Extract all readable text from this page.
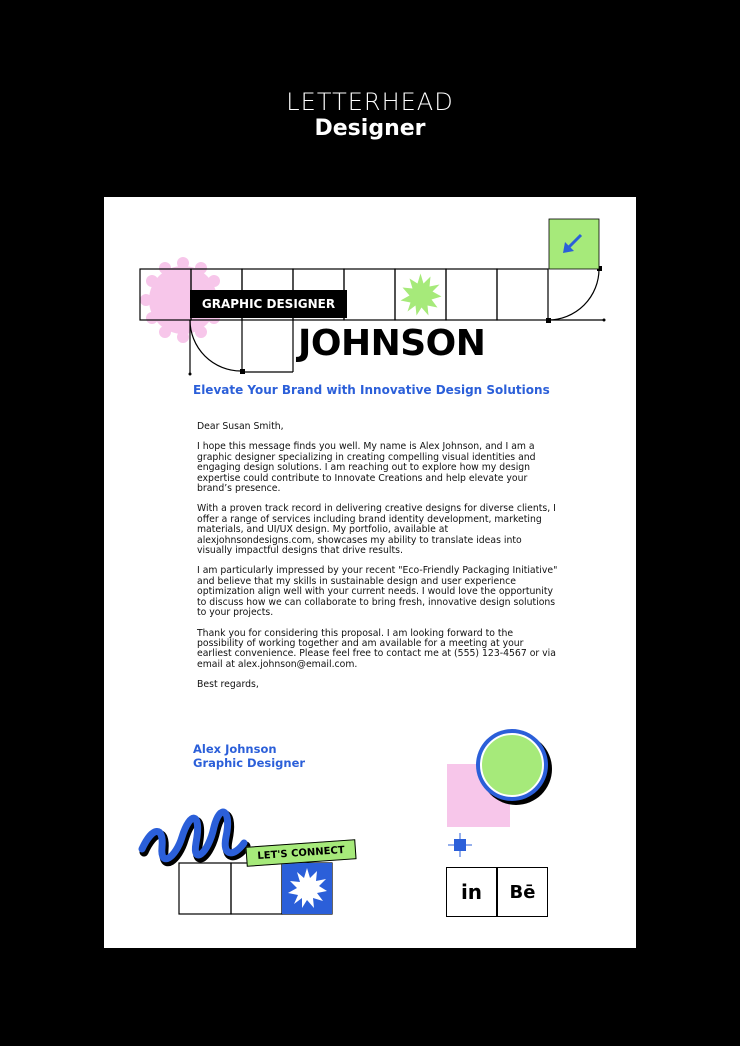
LETTERHEAD
Designer
GRAPHIC DESIGNER
JOHNSON
Elevate Your Brand with Innovative Design Solutions

Dear Susan Smith,

I hope this message finds you well. My name is Alex Johnson, and I am a graphic designer specializing in creating compelling visual identities and engaging design solutions. I am reaching out to explore how my design expertise could contribute to Innovate Creations and help elevate your brand’s presence.

With a proven track record in delivering creative designs for diverse clients, I offer a range of services including brand identity development, marketing materials, and UI/UX design. My portfolio, available at alexjohnsondesigns.com, showcases my ability to translate ideas into visually impactful designs that drive results.

I am particularly impressed by your recent "Eco-Friendly Packaging Initiative" and believe that my skills in sustainable design and user experience optimization align well with your current needs. I would love the opportunity to discuss how we can collaborate to bring fresh, innovative design solutions to your projects.

Thank you for considering this proposal. I am looking forward to the possibility of working together and am available for a meeting at your earliest convenience. Please feel free to contact me at (555) 123-4567 or via email at alex.johnson@email.com.

Best regards,

Alex Johnson
Graphic Designer
LET'S CONNECT
in	Bē
